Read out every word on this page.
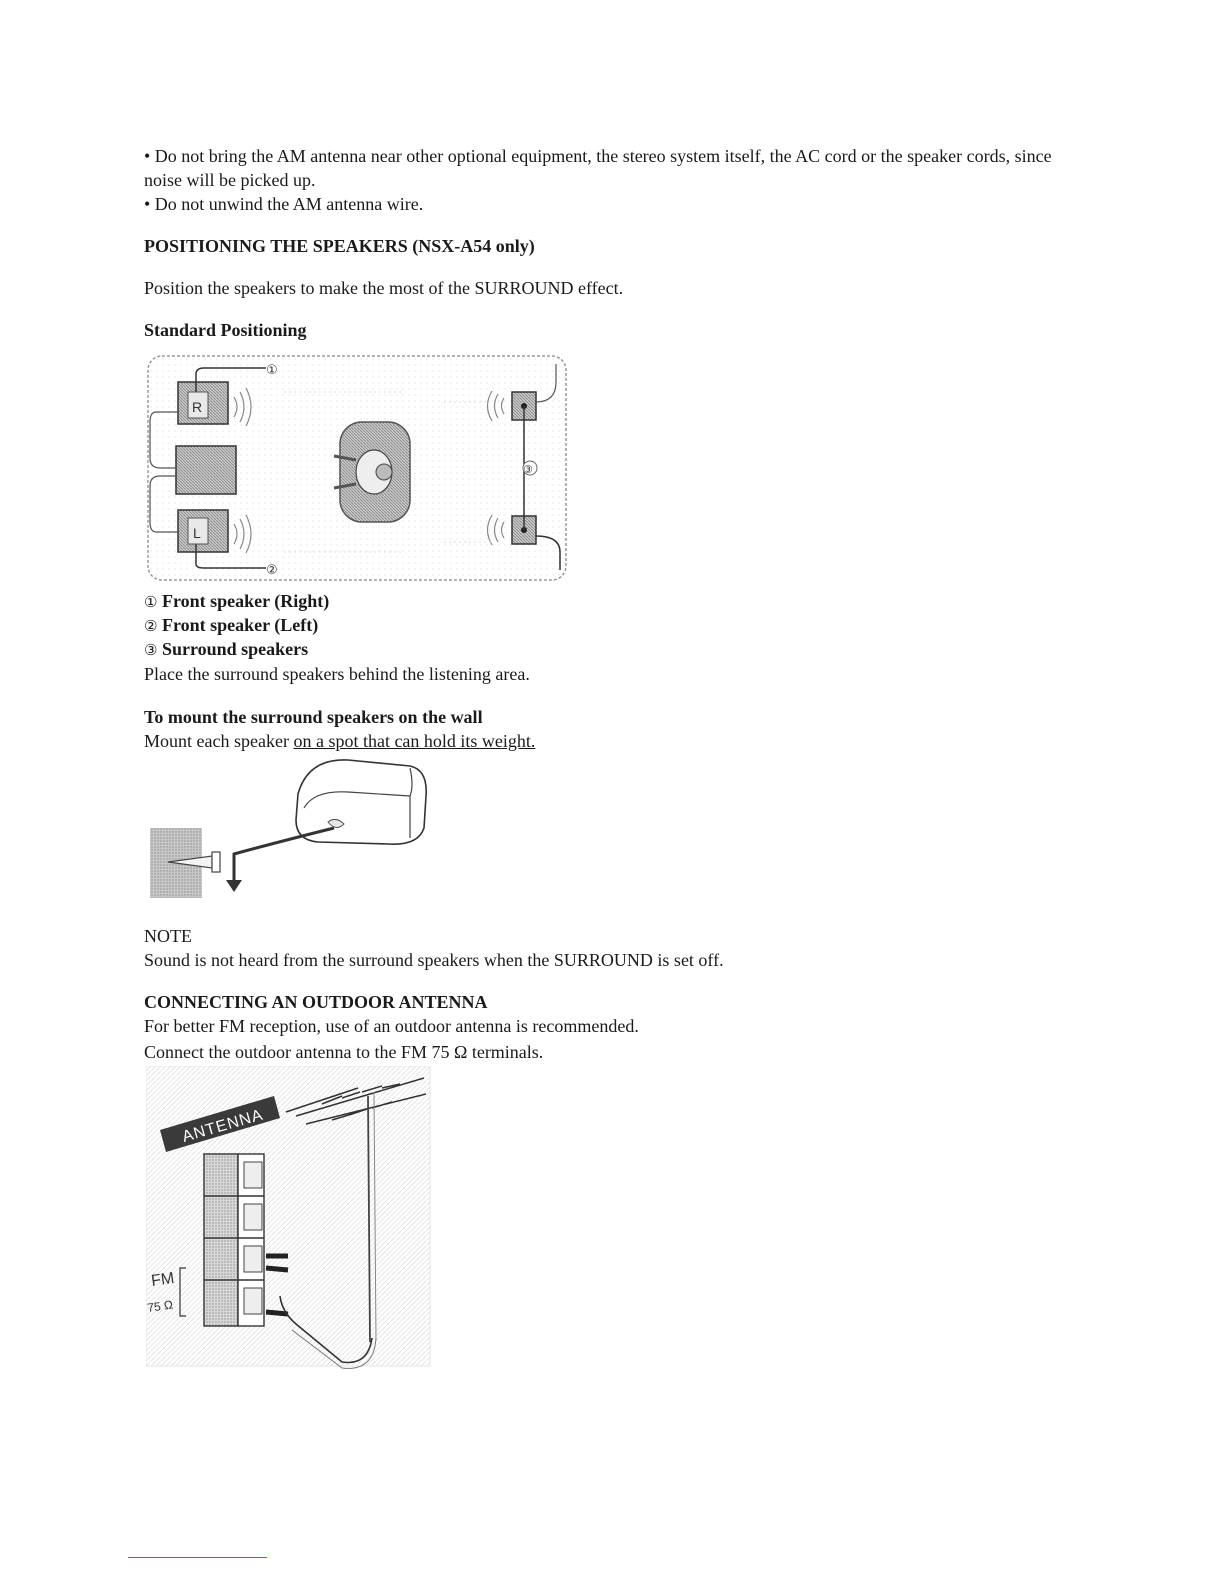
• Do not bring the AM antenna near other optional equipment, the stereo system itself, the AC cord or the speaker cords, since noise will be picked up.
• Do not unwind the AM antenna wire.
POSITIONING THE SPEAKERS (NSX-A54 only)
Position the speakers to make the most of the SURROUND effect.
Standard Positioning
R
L
①
②
③
① Front speaker (Right)
② Front speaker (Left)
③ Surround speakers
Place the surround speakers behind the listening area.
To mount the surround speakers on the wall
Mount each speaker on a spot that can hold its weight.
NOTE
Sound is not heard from the surround speakers when the SURROUND is set off.
CONNECTING AN OUTDOOR ANTENNA
For better FM reception, use of an outdoor antenna is recommended.
Connect the outdoor antenna to the FM 75 Ω terminals.
ANTENNA
FM
75 Ω
